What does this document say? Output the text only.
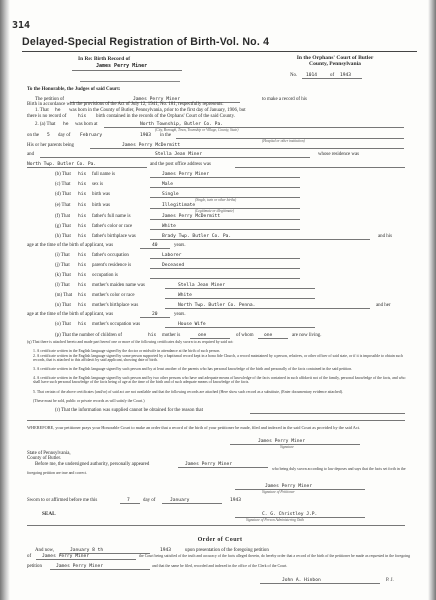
314
Delayed-Special Registration of Birth-Vol. No. 4
In Re: Birth Record of
James Perry Miner
In the Orphans' Court of Butler
County, Pennsylvania
No. 1014	of 1943
To the Honorable, the Judges of said Court:
The petition of	James Perry Miner	to make a record of his
Birth in accordance with the provisions of the Act of July 12, 1941, No. 181, respectfully represents:
1. That he was born in the County of Butler, Pennsylvania, prior to the first day of January, 1906, but
there is no record of	his birth contained in the records of the Orphans' Court of the said County.
2. (a) That he was born at	North Township, Butler Co. Pa.
(City, Borough, Town, Township or Village, County, State)
on the 5 day of February	1903 in the
(Hospital or other institution)
His or her parents being	James Perry McDermitt
and	Stella Jean Miner	whose residence was
North Twp. Butler Co. Pa.	and the post office address was
(b) That his full name is	James Perry Miner
(c) That his sex is	Male
(d) That his birth was	Single
(Single, twin or other births)
(e) That his birth was	Illegitimate
(Legitimate or illegitimate)
(f) That his father's full name is	James Perry McDermitt
(g) That his father's color or race	White
(h) That his father's birthplace was	Brady Twp. Butler Co. Pa.	and his
age at the time of the birth of applicant, was	40	years.
(i) That his father's occupation	Laborer
(j) That his parent's residence is	Deceased
(k) That his occupation is
(l) That his mother's maiden name was	Stella Jean Miner
(m) That his mother's color or race	White
(n) That his mother's birthplace was	North Twp. Butler Co. Penna.	and her
age at the time of the birth of applicant, was	20	years.
(o) That his mother's occupation was	House Wife
(p) That the number of children of	his mother is	one	of whom one	are now living.
(q) That there is attached hereto and made part hereof one or more of the following certificates duly sworn to as required by said act:
1. A certificate written in the English language signed by the doctor or midwife in attendance at the birth of such person.
2. A certificate written in the English language signed by some person supported by a baptismal record kept in a bona fide Church, a record maintained by a person, relatives, or other officer of said state, or if it is impossible to obtain such records, that is attached to this affidavit by said applicant, showing date of birth.
3. A certificate written in the English language signed by such person and by at least another of the parents who has personal knowledge of the birth and personally of the facts contained in the said petition.
4. A certificate written in the English language signed by such person and by two other persons who have and adequate means of knowledge of the facts contained in such affidavit not of the family, personal knowledge of the facts, and who shall have such personal knowledge of the facts being of age at the time of the birth and of such adequate means of knowledge of the facts.
5. That certain of the above certificates (and/or) of said act are not available and that the following records are attached (Here show such record as a substitute, (Enter documentary evidence attached).
(These must be sold, public or private records as will satisfy the Court.)
(r) That the information was supplied cannot be obtained for the reason that
WHEREFORE, your petitioner prays your Honorable Court to make an order that a record of the birth of your petitioner be made, filed and indexed in the said Court as provided by the said Act.
James Perry Miner
Signature
State of Pennsylvania,
County of Butler.
Before me, the undersigned authority, personally appeared	James Perry Miner
who being duly sworn according to law deposes and says that the facts set forth in the foregoing petition are true and correct.
James Perry Miner
Signature of Petitioner
Sworn to or affirmed before me this	7	day of	January	1943
SEAL	C. G. Christley J.P.
Signature of Person Administering Oath
Order of Court
And now,	January 8 th	1943	upon presentation of the foregoing petition
of James Perry Miner	the Court being satisfied of the truth and accuracy of the facts alleged therein, do hereby order that a record of the birth of the petitioner be made as requested in the foregoing
petition	James Perry Miner	and that the same be filed, recorded and indexed in the office of the Clerk of the Court.
John A. Hinbon	P. J.
